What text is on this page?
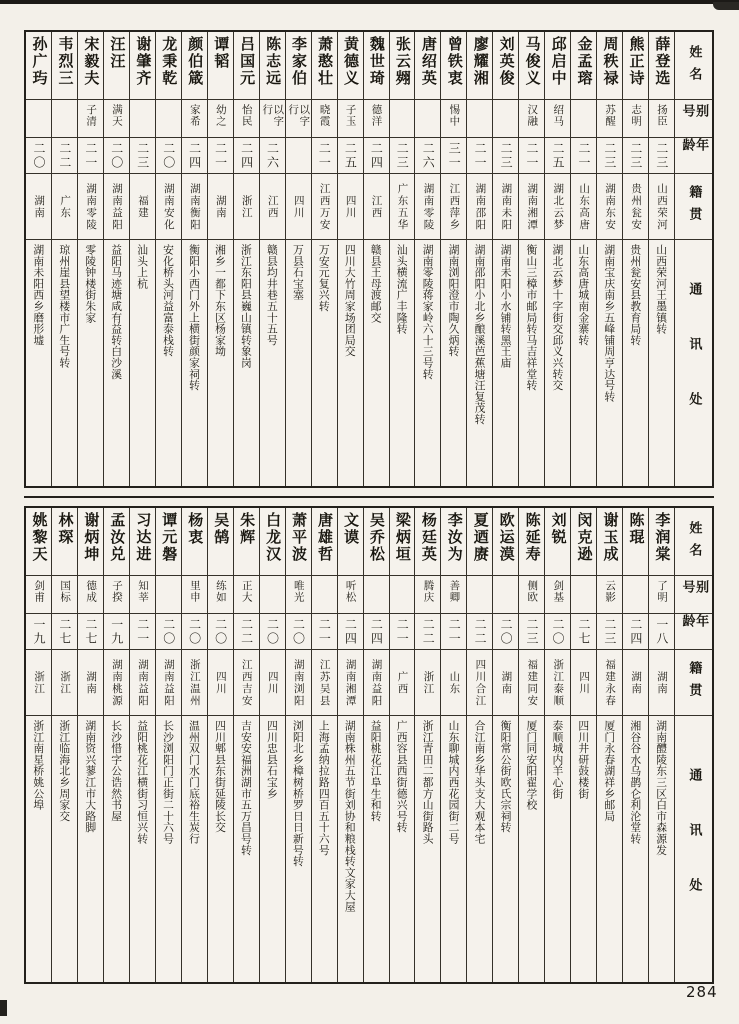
薛登选
扬臣
二三
山西荣河
山西荣河王墨镇转
熊正诗
志明
二三
贵州瓮安
贵州瓮安县教育局转
周秩禄
苏醒
二三
湖南东安
湖南宝庆南乡五峰铺周亨达号转
金孟瑢
二一
山东高唐
山东高唐城南金寨转
邱启中
绍马
二五
湖北云梦
湖北云梦十字街交邱义兴转交
马俊义
汉融
二一
湖南湘潭
衡山三樟市邮局转马吉祥堂转
刘英俊
二三
湖南未阳
湖南未阳小水铺转黑王庙
廖耀湘
二一
湖南邵阳
湖南邵阳小北乡酿溪芭蕉塘汪复茂转
曾铁衷
惕中
三一
江西萍乡
湖南浏阳澄市陶久炳转
唐绍英
二六
湖南零陵
湖南零陵蒋家岭六十三号转
张云翙
二三
广东五华
汕头横流广丰隆转
魏世琦
德洋
二四
江西
赣县王母渡邮交
黄德义
子玉
二五
四川
四川大竹周家场团局交
萧憨壮
晓霞
二一
江西万安
万安元复兴转
李家伯
以字行
四川
万县石宝塞
陈志远
以字行
二六
江西
赣县均井巷五十五号
吕国元
怡民
二四
浙江
浙江东阳县巍山镇转象岗
谭韬
幼之
二一
湖南
湘乡一都下东区杨家坳
颜伯箴
家希
二四
湖南衡阳
衡阳小西门外上横街颜家祠转
龙秉乾
二〇
湖南安化
安化桥头河益富泰栈转
谢肇齐
二三
福建
汕头上杭
汪汪
满天
二〇
湖南益阳
益阳马迹塘咸有益转白沙溪
宋毅夫
子清
二一
湖南零陵
零陵钟楼街朱家
韦烈三
二二
广东
琼州崖县望楼市广生号转
孙广玙
二〇
湖南
湖南未阳西乡磨形墟
姓名
别号
年龄
籍贯
通讯处
李润棠
了明
一八
湖南
湖南醴陵东三区白市森源发
陈琨
二四
湖南
湘谷谷水乌鹊仑利沦堂转
谢玉成
云影
二三
福建永春
厦门永春湖祥乡邮局
闵克逊
二七
四川
四川井研鼓楼街
刘锐
剑基
二〇
浙江泰顺
泰顺城内羊心街
陈延寿
侧欧
二三
福建同安
厦门同安阳翟学校
欧运漠
二〇
湖南
衡阳常公街欧氏宗祠转
夏迺赓
二二
四川合江
合江南乡华头支大观本宅
李汝为
善卿
二一
山东
山东聊城内西花园街二号
杨廷英
腾庆
二二
浙江
浙江青田二都方山街路头
梁炳垣
二一
广西
广西容县西街德兴号转
吴乔松
二四
湖南益阳
益阳桃花江阜生和转
文谟
听松
二四
湖南湘潭
湖南株州五节街刘协和粮栈转文家大屋
唐雄哲
二一
江苏吴县
上海孟纳拉路四百五十六号
萧平波
唯光
二〇
湖南浏阳
浏阳北乡樟树桥罗日日新号转
白龙汉
二〇
四川
四川忠县石宝乡
朱辉
正大
二二
江西吉安
吉安安福洲湖市五万昌号转
吴鹄
练如
二〇
四川
四川郫县东街延陵长交
杨衷
里申
二〇
浙江温州
温州双门水门底裕生炭行
谭元磐
二〇
湖南益阳
长沙浏阳门正街二十六号
习达进
知莘
二一
湖南益阳
益阳桃花江横街习恒兴转
孟汝兑
子揆
一九
湖南桃源
长沙惜字公诰然书屋
谢炳坤
德成
二七
湖南
湖南资兴蓼江市大路脚
林琛
国标
二七
浙江
浙江临海北乡周家交
姚黎天
剑甫
一九
浙江
浙江南星桥姚公埠
姓名
别号
年龄
籍贯
通讯处
284
